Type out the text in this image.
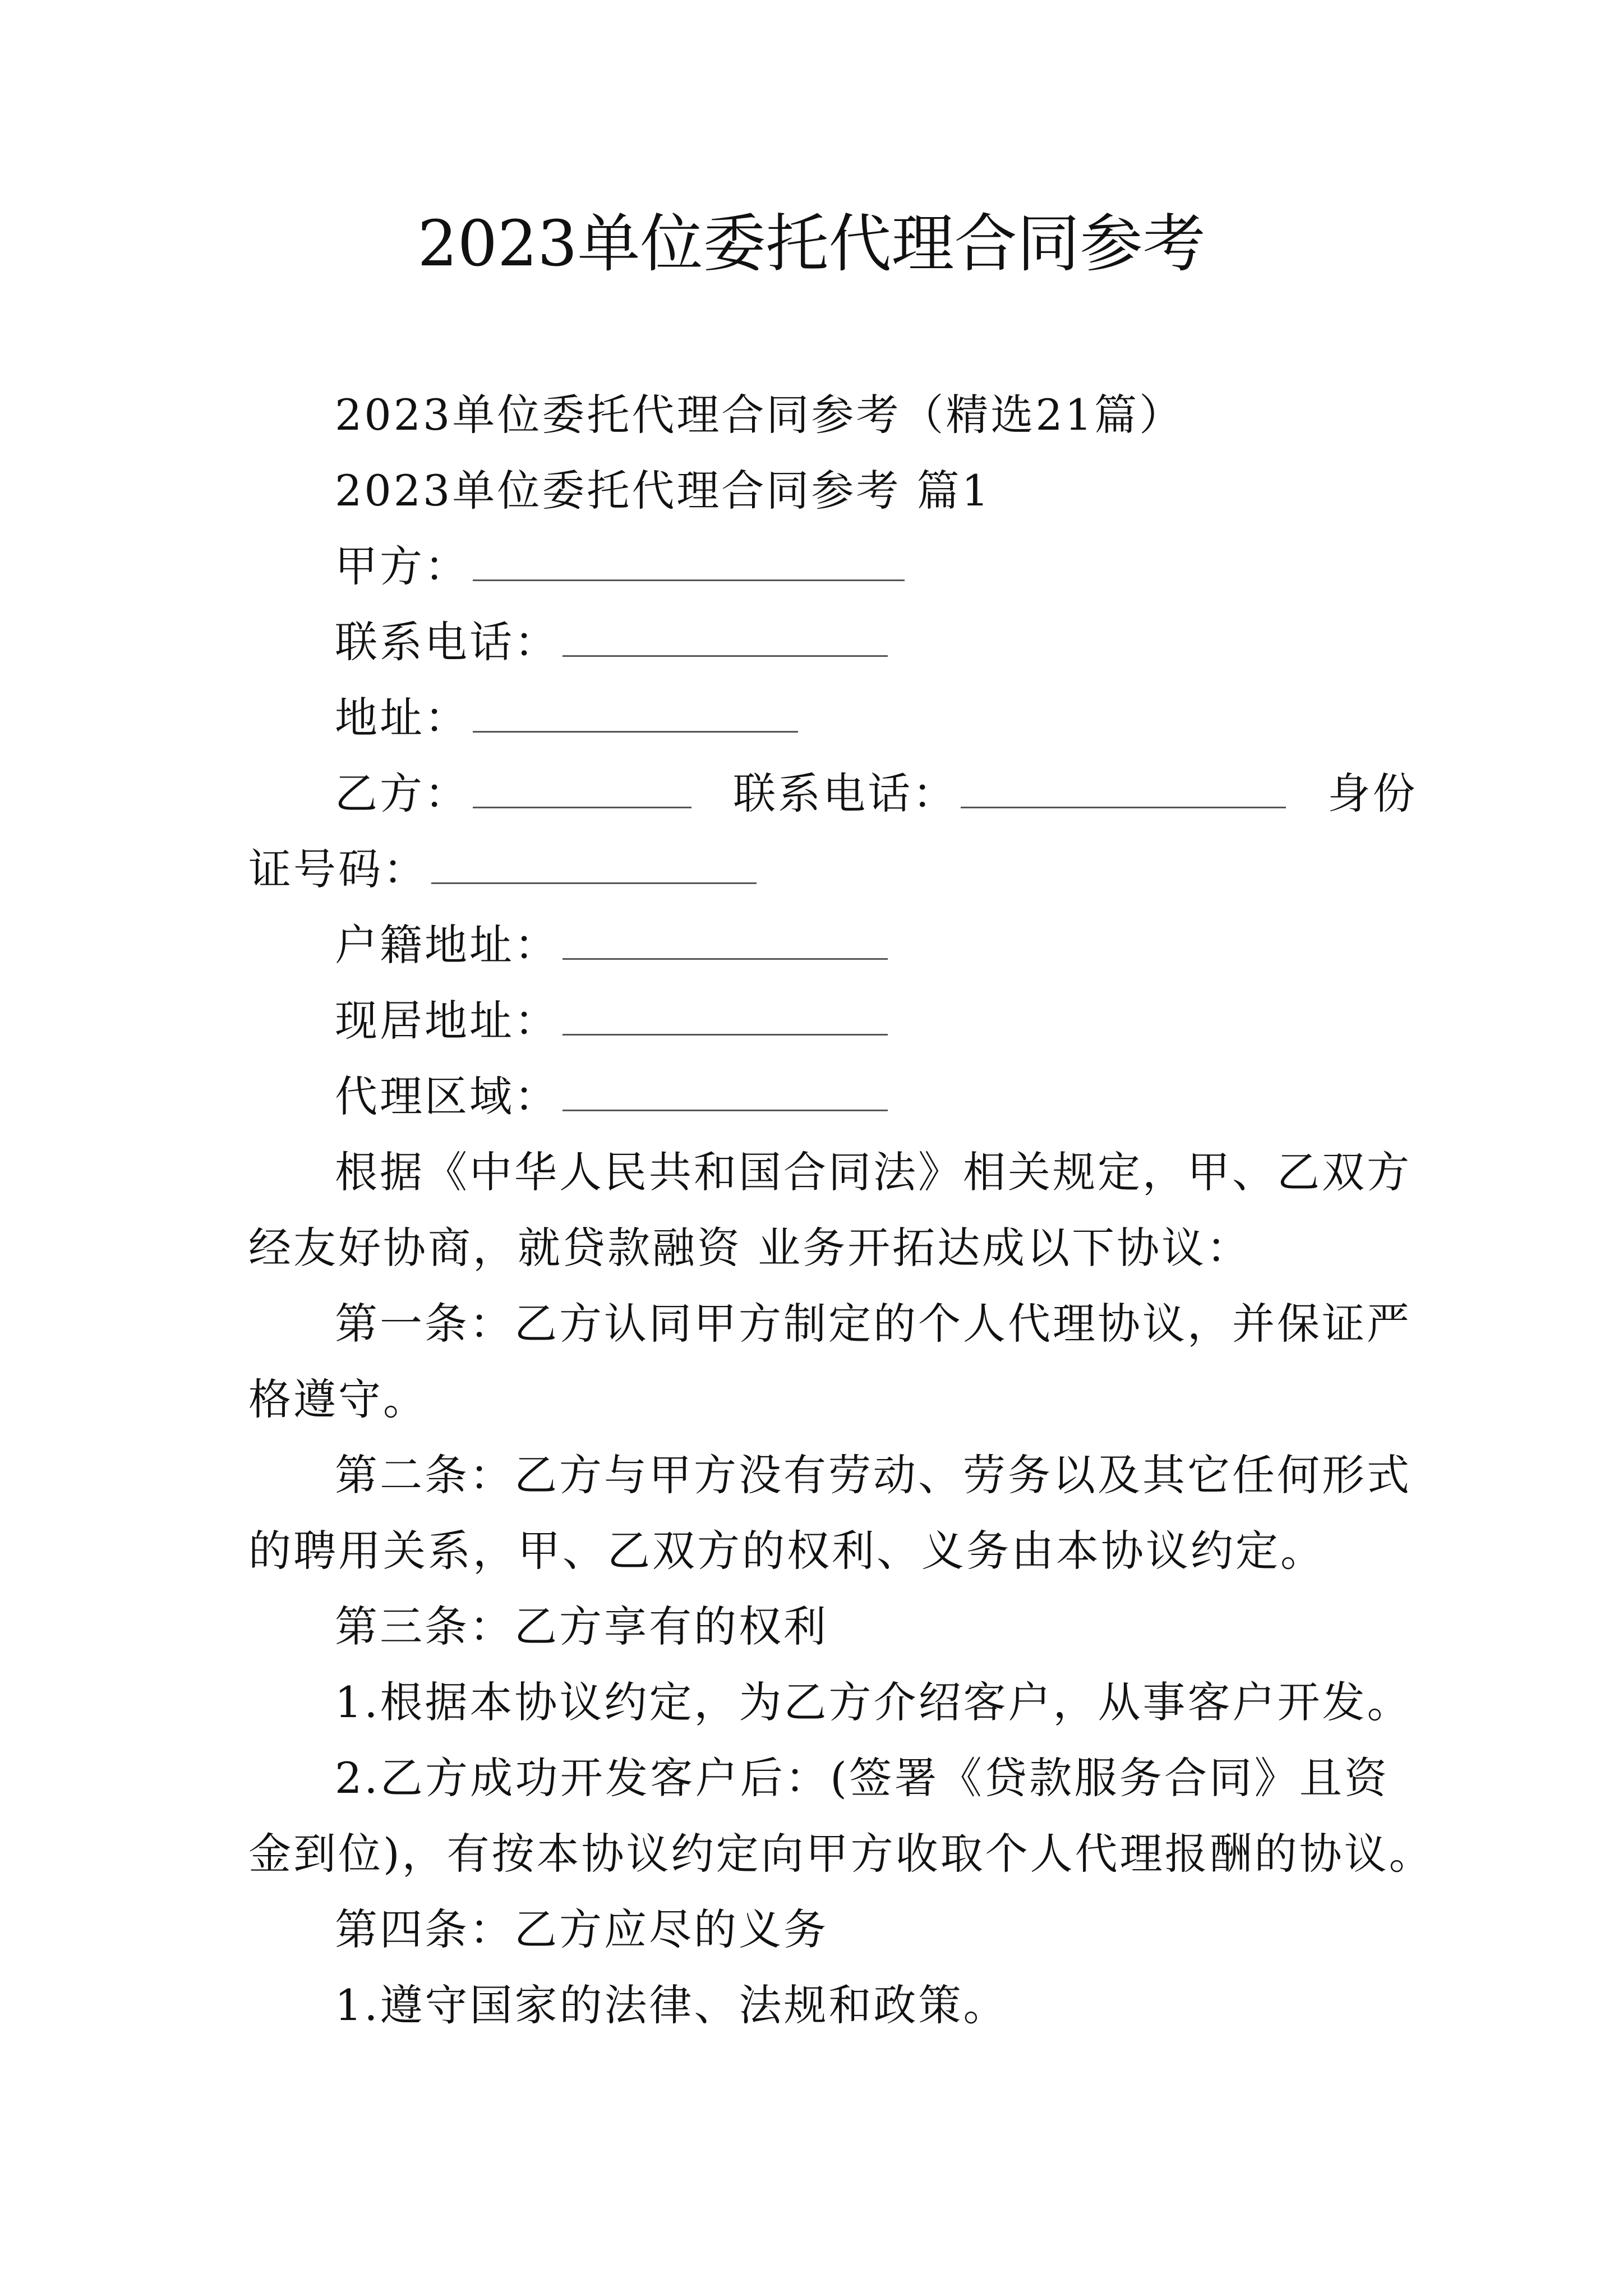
2023单位委托代理合同参考
2023单位委托代理合同参考（精选21篇）
2023单位委托代理合同参考 篇1
甲方：
联系电话：
地址：
乙方：	联系电话：	身份
证号码：
户籍地址：
现居地址：
代理区域：
根据《中华人民共和国合同法》相关规定，甲、乙双方
经友好协商，就贷款融资 业务开拓达成以下协议：
第一条：乙方认同甲方制定的个人代理协议，并保证严
格遵守。
第二条：乙方与甲方没有劳动、劳务以及其它任何形式
的聘用关系，甲、乙双方的权利、义务由本协议约定。
第三条：乙方享有的权利
1.根据本协议约定，为乙方介绍客户，从事客户开发。
2.乙方成功开发客户后：(签署《贷款服务合同》且资
金到位)，有按本协议约定向甲方收取个人代理报酬的协议。
第四条：乙方应尽的义务
1.遵守国家的法律、法规和政策。
